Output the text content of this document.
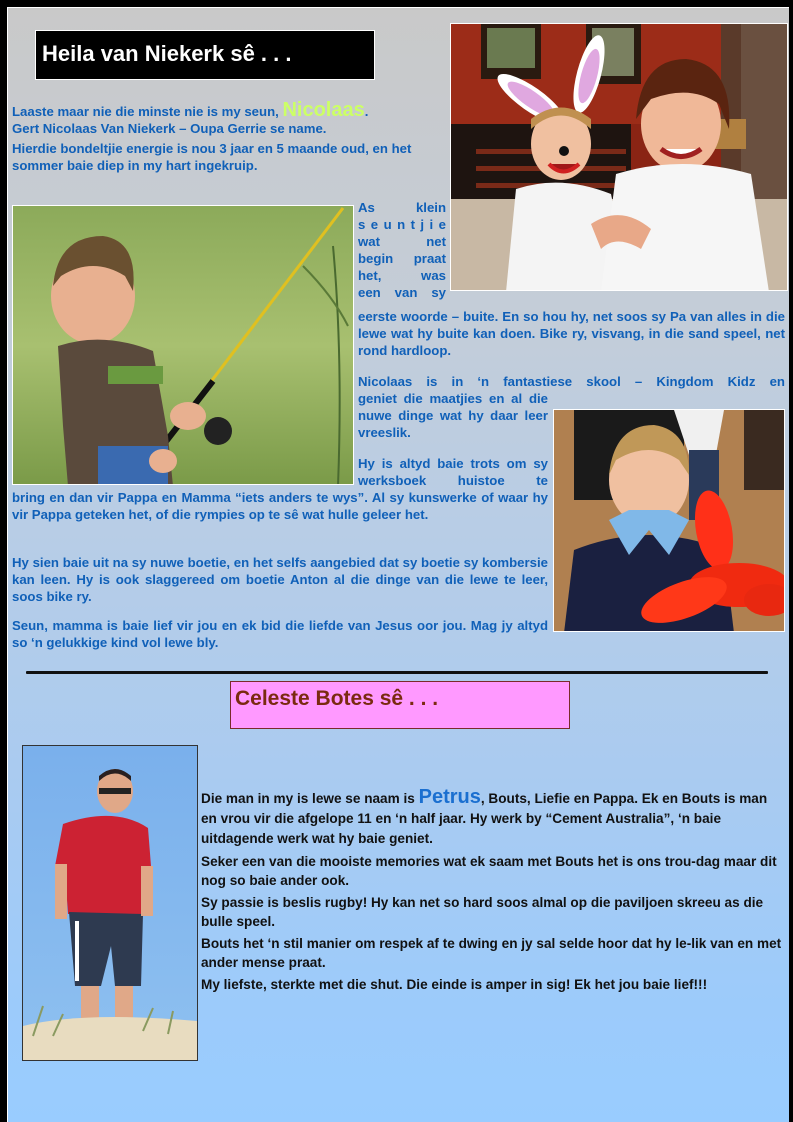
Heila van Niekerk sê . . .

Laaste maar nie die minste nie is my seun, Nicolaas.

Gert Nicolaas Van Niekerk – Oupa Gerrie se name.

Hierdie bondeltjie energie is nou 3 jaar en 5 maande oud, en het sommer baie diep in my hart ingekruip.

As klein

s e u n t j i e

wat net

begin praat

het, was

een van sy

eerste woorde – buite. En so hou hy, net soos sy Pa van alles in die lewe wat hy buite kan doen. Bike ry, visvang, in die sand speel, net rond hardloop.
Nicolaas is in ‘n fantastiese skool – Kingdom Kidz en
geniet die maatjies en al die nuwe dinge wat hy daar leer vreeslik.
Hy is altyd baie trots om sy werksboek huistoe te
bring en dan vir Pappa en Mamma “iets anders te wys”. Al sy kunswerke of waar hy vir Pappa geteken het, of die rympies op te sê wat hulle geleer het.
Hy sien baie uit na sy nuwe boetie, en het selfs aangebied dat sy boetie sy kombersie kan leen. Hy is ook slaggereed om boetie Anton al die dinge van die lewe te leer, soos bike ry.
Seun, mamma is baie lief vir jou en ek bid die liefde van Jesus oor jou. Mag jy altyd so ‘n gelukkige kind vol lewe bly.
Celeste Botes sê . . .

Die man in my is lewe se naam is Petrus, Bouts, Liefie en Pappa. Ek en Bouts is man en vrou vir die afgelope 11 en ‘n half jaar. Hy werk by “Cement Australia”, ‘n baie uitdagende werk wat hy baie geniet.

Seker een van die mooiste memories wat ek saam met Bouts het is ons trou-dag maar dit nog so baie ander ook.

Sy passie is beslis rugby! Hy kan net so hard soos almal op die paviljoen skreeu as die bulle speel.

Bouts het ‘n stil manier om respek af te dwing en jy sal selde hoor dat hy le-lik van en met ander mense praat.

My liefste, sterkte met die shut. Die einde is amper in sig! Ek het jou baie lief!!!
